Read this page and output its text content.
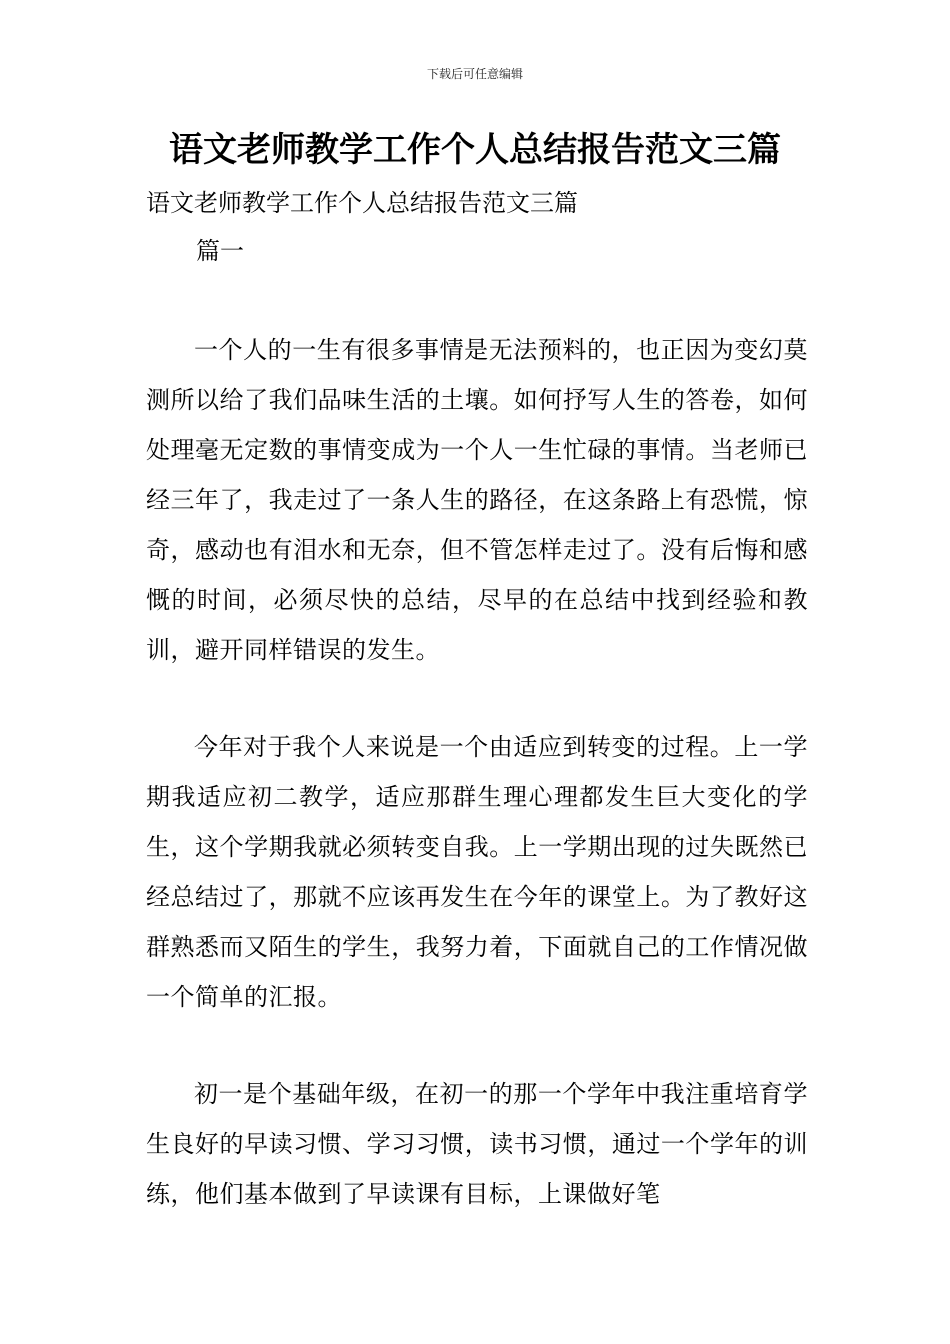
下载后可任意编辑
语文老师教学工作个人总结报告范文三篇
语文老师教学工作个人总结报告范文三篇
篇一

一个人的一生有很多事情是无法预料的，也正因为变幻莫测所以给了我们品味生活的土壤。如何抒写人生的答卷，如何处理毫无定数的事情变成为一个人一生忙碌的事情。当老师已经三年了，我走过了一条人生的路径，在这条路上有恐慌，惊奇，感动也有泪水和无奈，但不管怎样走过了。没有后悔和感慨的时间，必须尽快的总结，尽早的在总结中找到经验和教训，避开同样错误的发生。

今年对于我个人来说是一个由适应到转变的过程。上一学期我适应初二教学，适应那群生理心理都发生巨大变化的学生，这个学期我就必须转变自我。上一学期出现的过失既然已经总结过了，那就不应该再发生在今年的课堂上。为了教好这群熟悉而又陌生的学生，我努力着，下面就自己的工作情况做一个简单的汇报。

初一是个基础年级，在初一的那一个学年中我注重培育学生良好的早读习惯、学习习惯，读书习惯，通过一个学年的训练，他们基本做到了早读课有目标，上课做好笔
